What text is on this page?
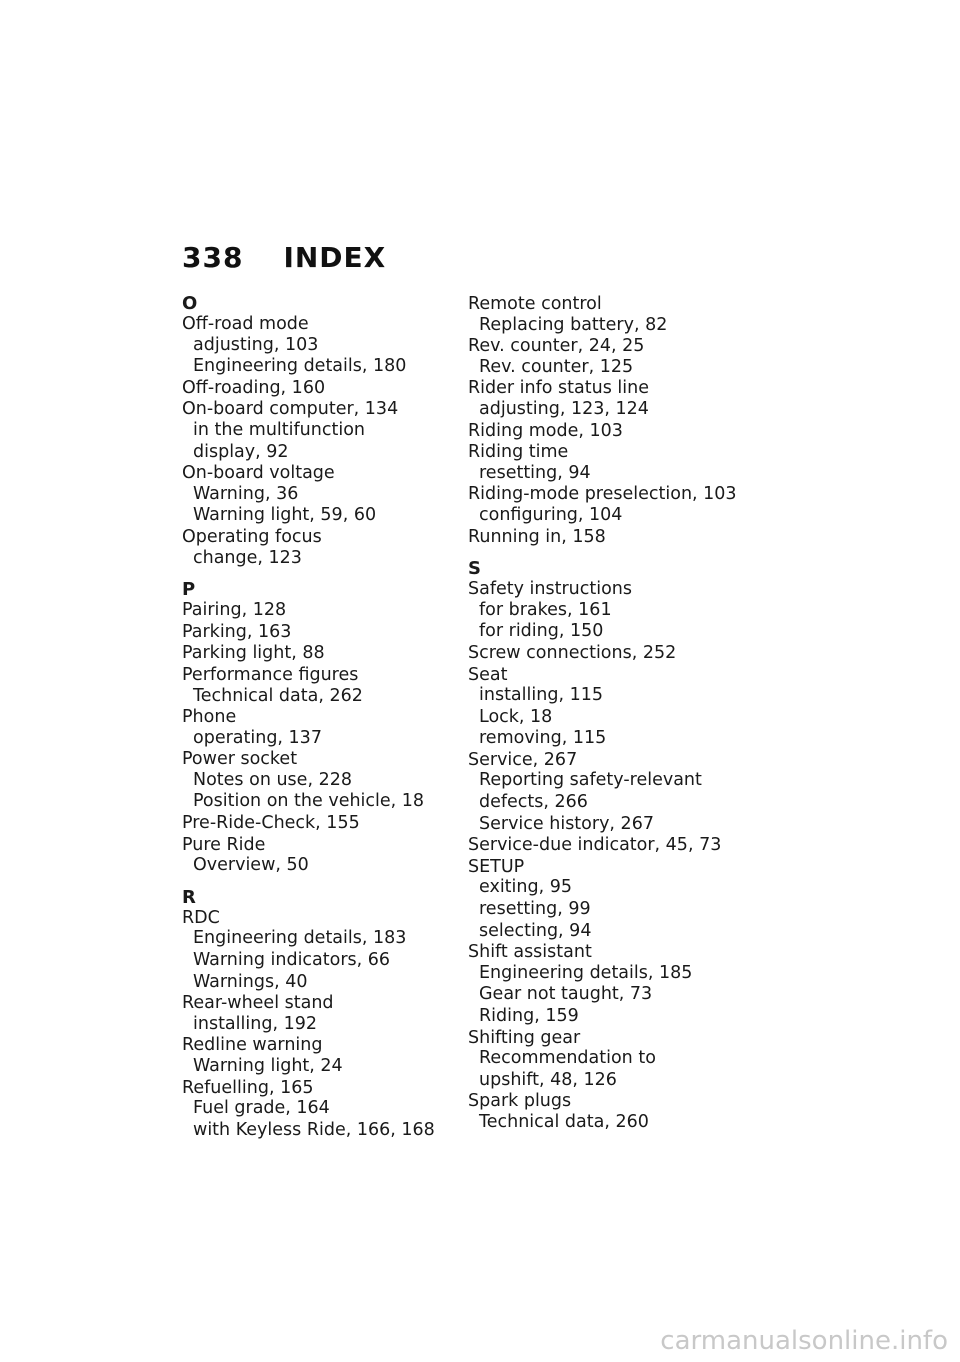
338 INDEX
O
Off-road mode
adjusting, 103
Engineering details, 180
Off-roading, 160
On-board computer, 134
in the multifunction
display, 92
On-board voltage
Warning, 36
Warning light, 59, 60
Operating focus
change, 123
P
Pairing, 128
Parking, 163
Parking light, 88
Performance figures
Technical data, 262
Phone
operating, 137
Power socket
Notes on use, 228
Position on the vehicle, 18
Pre-Ride-Check, 155
Pure Ride
Overview, 50
R
RDC
Engineering details, 183
Warning indicators, 66
Warnings, 40
Rear-wheel stand
installing, 192
Redline warning
Warning light, 24
Refuelling, 165
Fuel grade, 164
with Keyless Ride, 166, 168
Remote control
Replacing battery, 82
Rev. counter, 24, 25
Rev. counter, 125
Rider info status line
adjusting, 123, 124
Riding mode, 103
Riding time
resetting, 94
Riding-mode preselection, 103
configuring, 104
Running in, 158
S
Safety instructions
for brakes, 161
for riding, 150
Screw connections, 252
Seat
installing, 115
Lock, 18
removing, 115
Service, 267
Reporting safety-relevant
defects, 266
Service history, 267
Service-due indicator, 45, 73
SETUP
exiting, 95
resetting, 99
selecting, 94
Shift assistant
Engineering details, 185
Gear not taught, 73
Riding, 159
Shifting gear
Recommendation to
upshift, 48, 126
Spark plugs
Technical data, 260
carmanualsonline.info
